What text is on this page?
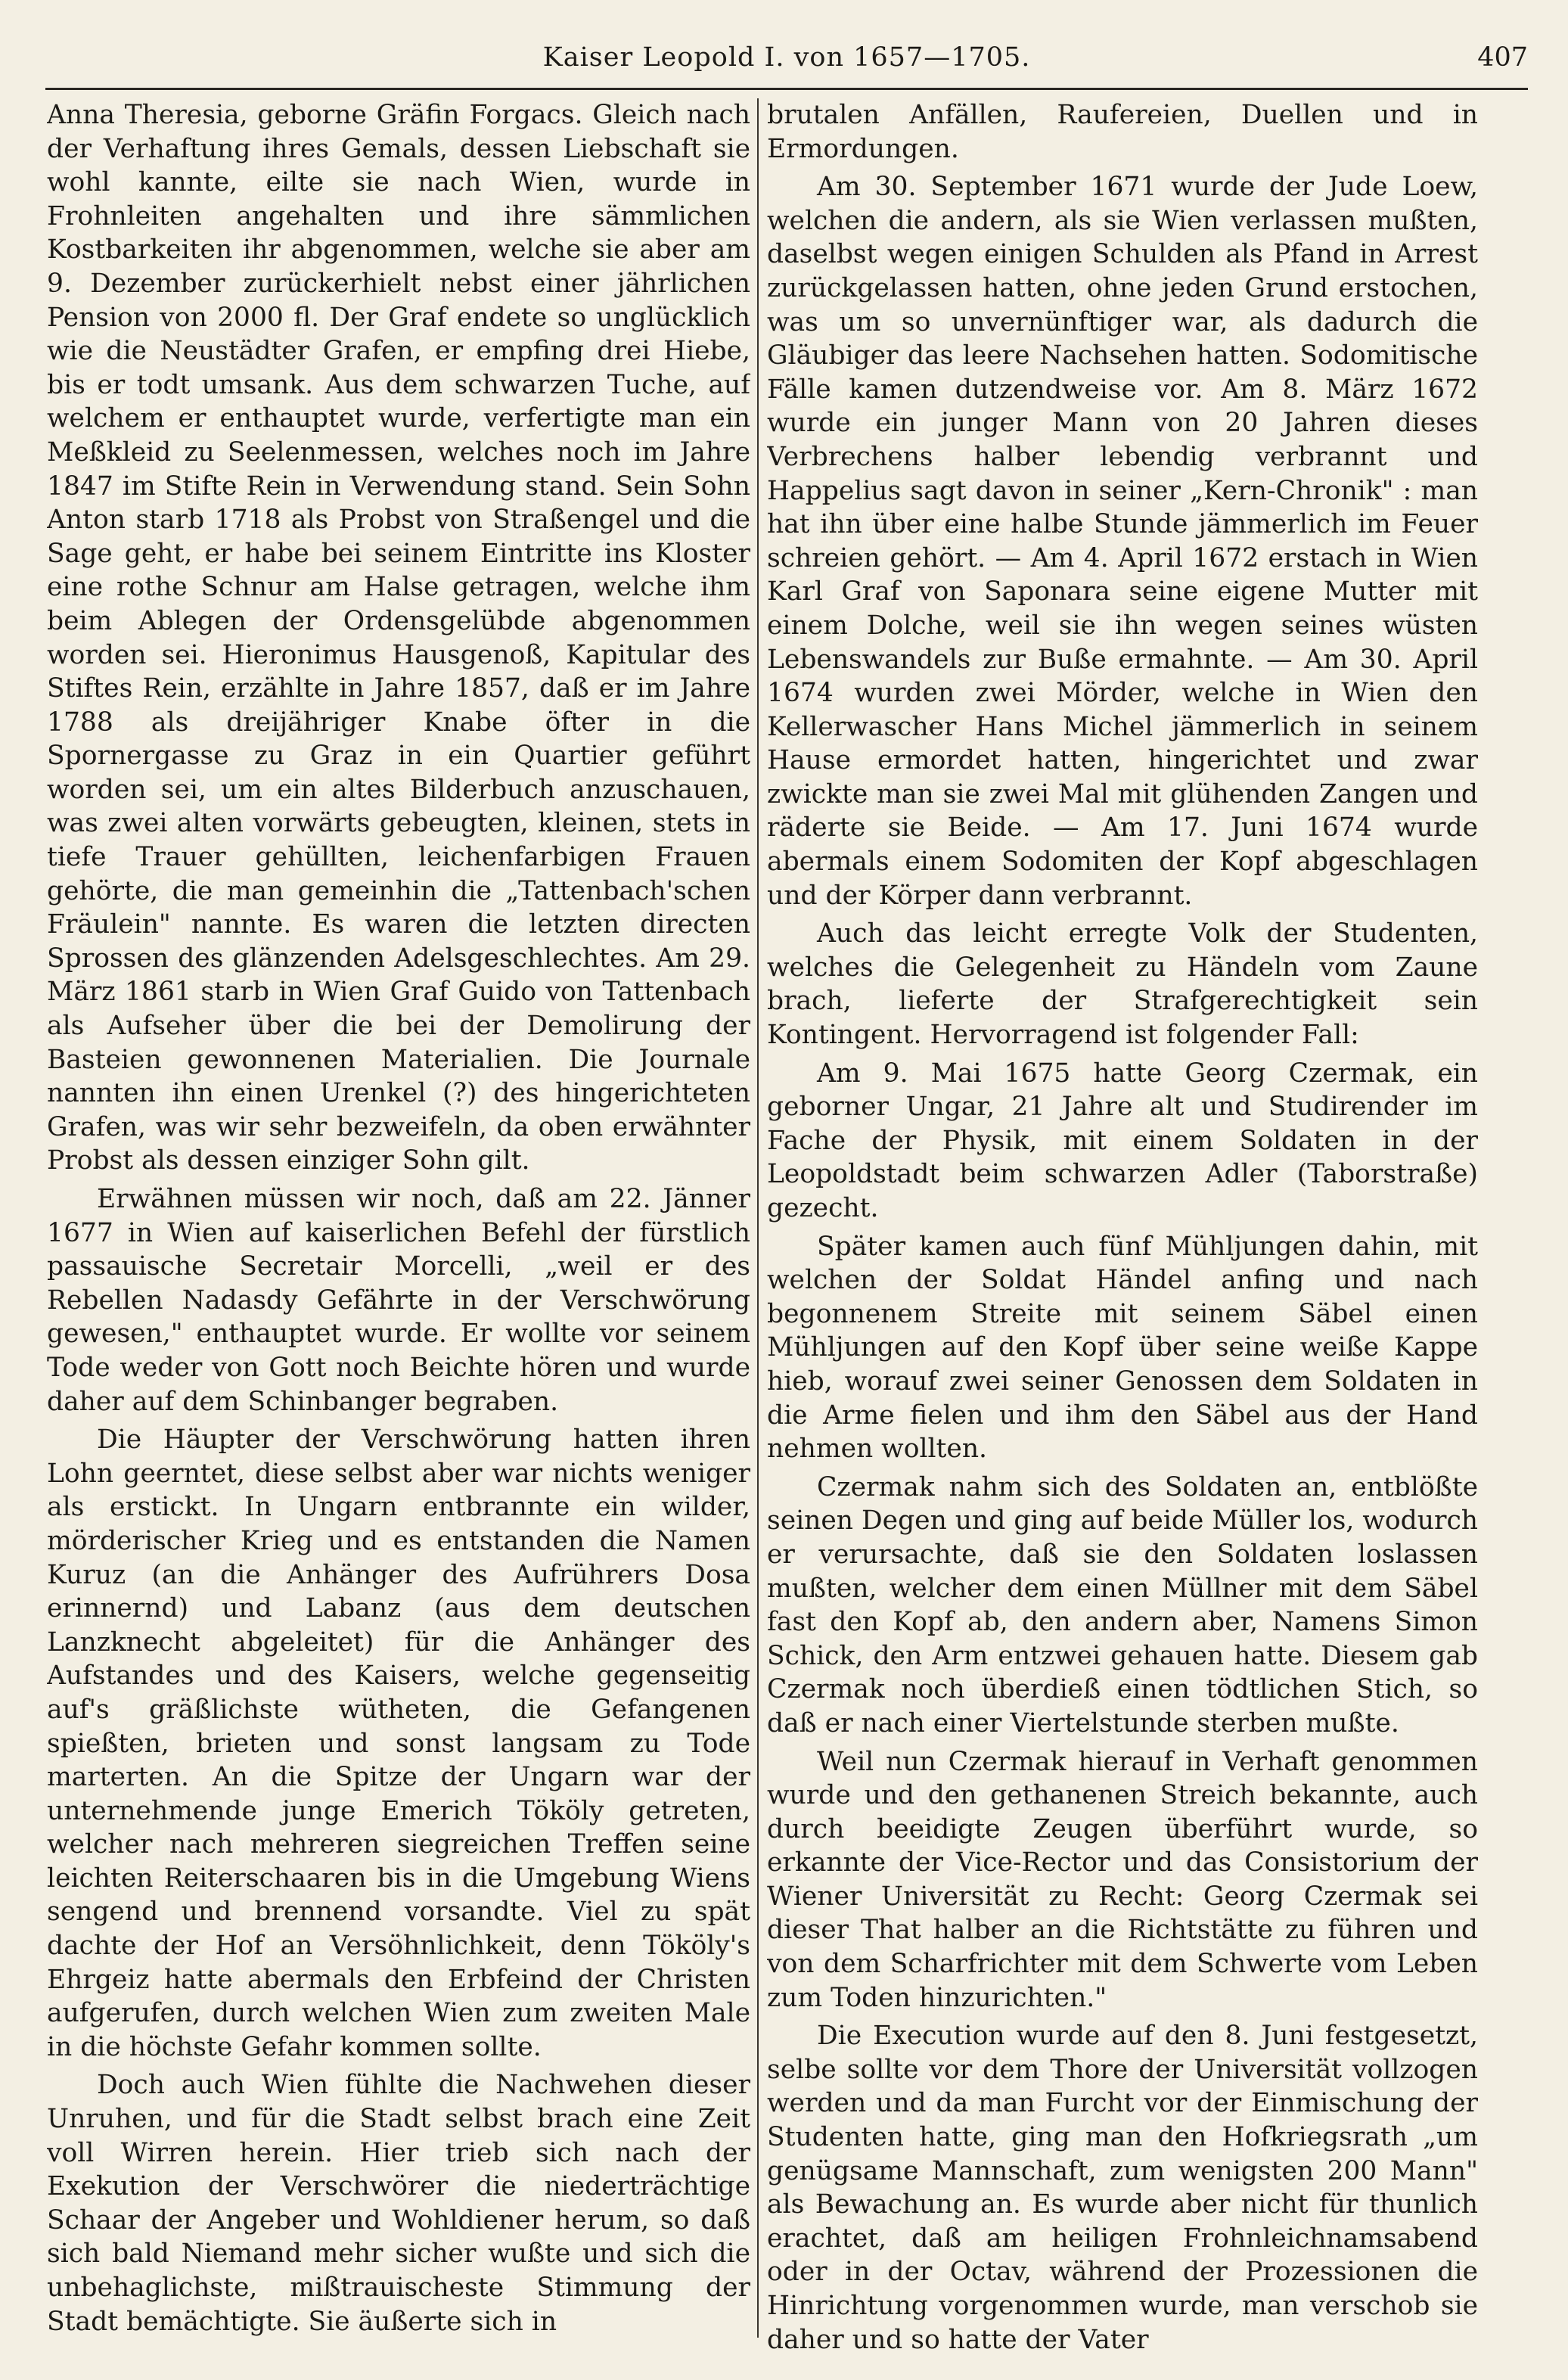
Kaiser Leopold I. von 1657—1705.	407

Anna Theresia, geborne Gräfin Forgacs. Gleich nach der Verhaftung ihres Gemals, dessen Liebschaft sie wohl kannte, eilte sie nach Wien, wurde in Frohnleiten angehalten und ihre sämmlichen Kostbarkeiten ihr abgenommen, welche sie aber am 9. Dezember zurückerhielt nebst einer jährlichen Pension von 2000 fl. Der Graf endete so unglücklich wie die Neustädter Grafen, er empfing drei Hiebe, bis er todt umsank. Aus dem schwarzen Tuche, auf welchem er enthauptet wurde, verfertigte man ein Meßkleid zu Seelenmessen, welches noch im Jahre 1847 im Stifte Rein in Verwendung stand. Sein Sohn Anton starb 1718 als Probst von Straßengel und die Sage geht, er habe bei seinem Eintritte ins Kloster eine rothe Schnur am Halse getragen, welche ihm beim Ablegen der Ordensgelübde abgenommen worden sei. Hieronimus Hausgenoß, Kapitular des Stiftes Rein, erzählte in Jahre 1857, daß er im Jahre 1788 als dreijähriger Knabe öfter in die Spornergasse zu Graz in ein Quartier geführt worden sei, um ein altes Bilderbuch anzuschauen, was zwei alten vorwärts gebeugten, kleinen, stets in tiefe Trauer gehüllten, leichenfarbigen Frauen gehörte, die man gemeinhin die „Tattenbach'schen Fräulein" nannte. Es waren die letzten directen Sprossen des glänzenden Adelsgeschlechtes. Am 29. März 1861 starb in Wien Graf Guido von Tattenbach als Aufseher über die bei der Demolirung der Basteien gewonnenen Materialien. Die Journale nannten ihn einen Urenkel (?) des hingerichteten Grafen, was wir sehr bezweifeln, da oben erwähnter Probst als dessen einziger Sohn gilt.

Erwähnen müssen wir noch, daß am 22. Jänner 1677 in Wien auf kaiserlichen Befehl der fürstlich passauische Secretair Morcelli, „weil er des Rebellen Nadasdy Gefährte in der Verschwörung gewesen," enthauptet wurde. Er wollte vor seinem Tode weder von Gott noch Beichte hören und wurde daher auf dem Schinbanger begraben.

Die Häupter der Verschwörung hatten ihren Lohn geerntet, diese selbst aber war nichts weniger als erstickt. In Ungarn entbrannte ein wilder, mörderischer Krieg und es entstanden die Namen Kuruz (an die Anhänger des Aufrührers Dosa erinnernd) und Labanz (aus dem deutschen Lanzknecht abgeleitet) für die Anhänger des Aufstandes und des Kaisers, welche gegenseitig auf's gräßlichste wütheten, die Gefangenen spießten, brieten und sonst langsam zu Tode marterten. An die Spitze der Ungarn war der unternehmende junge Emerich Tököly getreten, welcher nach mehreren siegreichen Treffen seine leichten Reiterschaaren bis in die Umgebung Wiens sengend und brennend vorsandte. Viel zu spät dachte der Hof an Versöhnlichkeit, denn Tököly's Ehrgeiz hatte abermals den Erbfeind der Christen aufgerufen, durch welchen Wien zum zweiten Male in die höchste Gefahr kommen sollte.

Doch auch Wien fühlte die Nachwehen dieser Unruhen, und für die Stadt selbst brach eine Zeit voll Wirren herein. Hier trieb sich nach der Exekution der Verschwörer die niederträchtige Schaar der Angeber und Wohldiener herum, so daß sich bald Niemand mehr sicher wußte und sich die unbehaglichste, mißtrauischeste Stimmung der Stadt bemächtigte. Sie äußerte sich in

brutalen Anfällen, Raufereien, Duellen und in Ermordungen.

Am 30. September 1671 wurde der Jude Loew, welchen die andern, als sie Wien verlassen mußten, daselbst wegen einigen Schulden als Pfand in Arrest zurückgelassen hatten, ohne jeden Grund erstochen, was um so unvernünftiger war, als dadurch die Gläubiger das leere Nachsehen hatten. Sodomitische Fälle kamen dutzendweise vor. Am 8. März 1672 wurde ein junger Mann von 20 Jahren dieses Verbrechens halber lebendig verbrannt und Happelius sagt davon in seiner „Kern-Chronik" : man hat ihn über eine halbe Stunde jämmerlich im Feuer schreien gehört. — Am 4. April 1672 erstach in Wien Karl Graf von Saponara seine eigene Mutter mit einem Dolche, weil sie ihn wegen seines wüsten Lebenswandels zur Buße ermahnte. — Am 30. April 1674 wurden zwei Mörder, welche in Wien den Kellerwascher Hans Michel jämmerlich in seinem Hause ermordet hatten, hingerichtet und zwar zwickte man sie zwei Mal mit glühenden Zangen und räderte sie Beide. — Am 17. Juni 1674 wurde abermals einem Sodomiten der Kopf abgeschlagen und der Körper dann verbrannt.

Auch das leicht erregte Volk der Studenten, welches die Gelegenheit zu Händeln vom Zaune brach, lieferte der Strafgerechtigkeit sein Kontingent. Hervorragend ist folgender Fall:

Am 9. Mai 1675 hatte Georg Czermak, ein geborner Ungar, 21 Jahre alt und Studirender im Fache der Physik, mit einem Soldaten in der Leopoldstadt beim schwarzen Adler (Taborstraße) gezecht.

Später kamen auch fünf Mühljungen dahin, mit welchen der Soldat Händel anfing und nach begonnenem Streite mit seinem Säbel einen Mühljungen auf den Kopf über seine weiße Kappe hieb, worauf zwei seiner Genossen dem Soldaten in die Arme fielen und ihm den Säbel aus der Hand nehmen wollten.

Czermak nahm sich des Soldaten an, entblößte seinen Degen und ging auf beide Müller los, wodurch er verursachte, daß sie den Soldaten loslassen mußten, welcher dem einen Müllner mit dem Säbel fast den Kopf ab, den andern aber, Namens Simon Schick, den Arm entzwei gehauen hatte. Diesem gab Czermak noch überdieß einen tödtlichen Stich, so daß er nach einer Viertelstunde sterben mußte.

Weil nun Czermak hierauf in Verhaft genommen wurde und den gethanenen Streich bekannte, auch durch beeidigte Zeugen überführt wurde, so erkannte der Vice-Rector und das Consistorium der Wiener Universität zu Recht: Georg Czermak sei dieser That halber an die Richtstätte zu führen und von dem Scharfrichter mit dem Schwerte vom Leben zum Toden hinzurichten."

Die Execution wurde auf den 8. Juni festgesetzt, selbe sollte vor dem Thore der Universität vollzogen werden und da man Furcht vor der Einmischung der Studenten hatte, ging man den Hofkriegsrath „um genügsame Mannschaft, zum wenigsten 200 Mann" als Bewachung an. Es wurde aber nicht für thunlich erachtet, daß am heiligen Frohnleichnamsabend oder in der Octav, während der Prozessionen die Hinrichtung vorgenommen wurde, man verschob sie daher und so hatte der Vater
